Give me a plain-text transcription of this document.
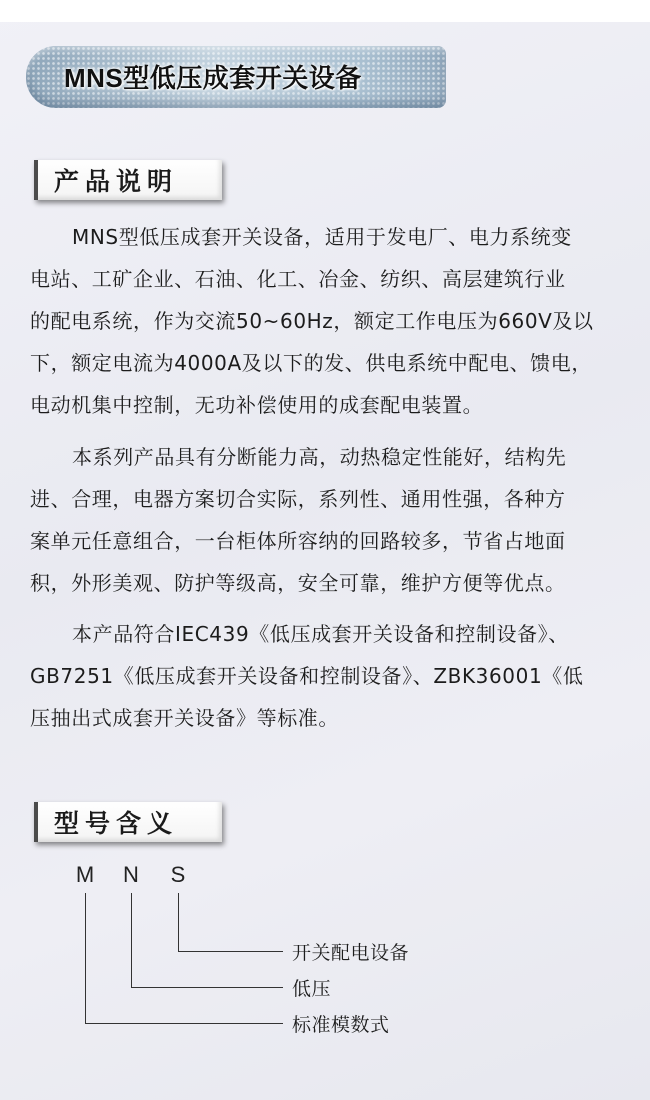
MNS型低压成套开关设备
产品说明

MNS型低压成套开关设备，适用于发电厂、电力系统变

电站、工矿企业、石油、化工、冶金、纺织、高层建筑行业

的配电系统，作为交流50~60Hz，额定工作电压为660V及以

下，额定电流为4000A及以下的发、供电系统中配电、馈电，

电动机集中控制，无功补偿使用的成套配电装置。

本系列产品具有分断能力高，动热稳定性能好，结构先

进、合理，电器方案切合实际，系列性、通用性强，各种方

案单元任意组合，一台柜体所容纳的回路较多，节省占地面

积，外形美观、防护等级高，安全可靠，维护方便等优点。

本产品符合IEC439《低压成套开关设备和控制设备》、

GB7251《低压成套开关设备和控制设备》、ZBK36001《低

压抽出式成套开关设备》等标准。

型号含义
M N S
开关配电设备
低压
标准模数式
